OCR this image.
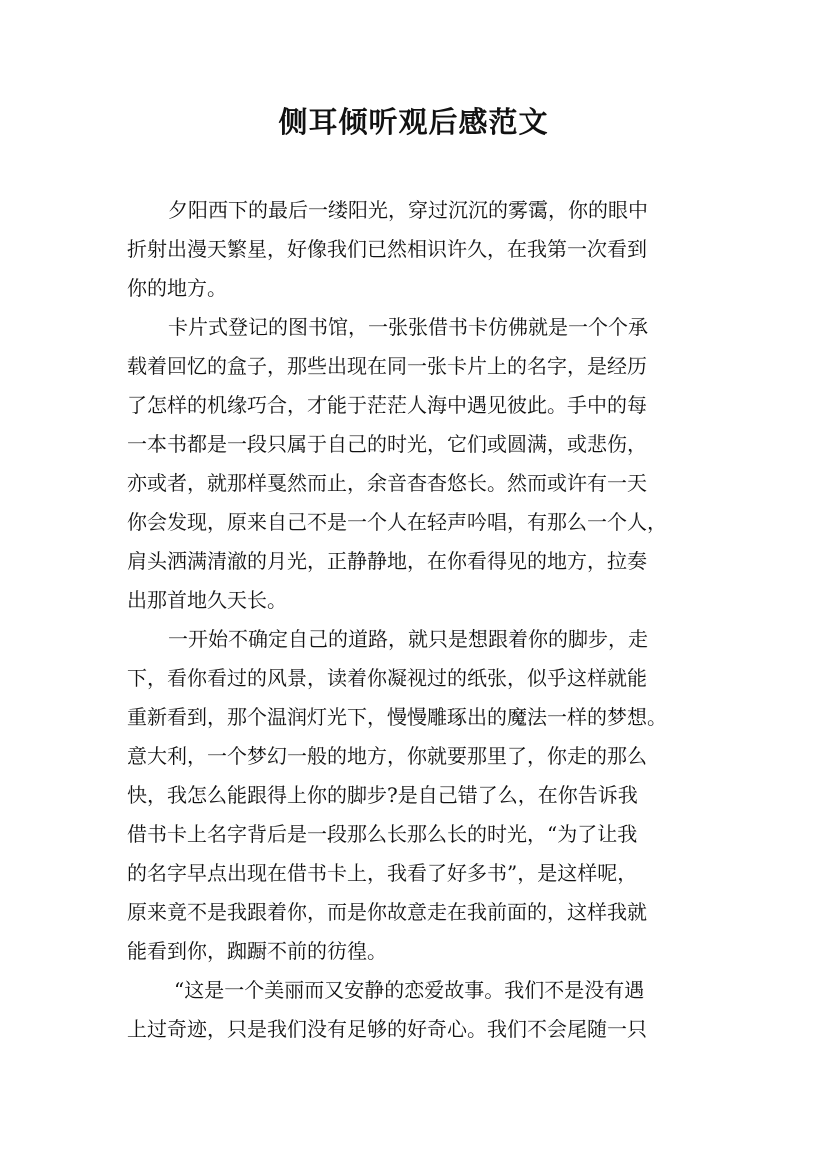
侧耳倾听观后感范文
夕阳西下的最后一缕阳光，穿过沉沉的雾霭，你的眼中
折射出漫天繁星，好像我们已然相识许久，在我第一次看到
你的地方。
卡片式登记的图书馆，一张张借书卡仿佛就是一个个承
载着回忆的盒子，那些出现在同一张卡片上的名字，是经历
了怎样的机缘巧合，才能于茫茫人海中遇见彼此。手中的每
一本书都是一段只属于自己的时光，它们或圆满，或悲伤，
亦或者，就那样戛然而止，余音杳杳悠长。然而或许有一天
你会发现，原来自己不是一个人在轻声吟唱，有那么一个人，
肩头洒满清澈的月光，正静静地，在你看得见的地方，拉奏
出那首地久天长。
一开始不确定自己的道路，就只是想跟着你的脚步，走
下，看你看过的风景，读着你凝视过的纸张，似乎这样就能
重新看到，那个温润灯光下，慢慢雕琢出的魔法一样的梦想。
意大利，一个梦幻一般的地方，你就要那里了，你走的那么
快，我怎么能跟得上你的脚步?是自己错了么，在你告诉我
借书卡上名字背后是一段那么长那么长的时光，“为了让我
的名字早点出现在借书卡上，我看了好多书”，是这样呢，
原来竟不是我跟着你，而是你故意走在我前面的，这样我就
能看到你，踟蹰不前的彷徨。
“这是一个美丽而又安静的恋爱故事。我们不是没有遇
上过奇迹，只是我们没有足够的好奇心。我们不会尾随一只
